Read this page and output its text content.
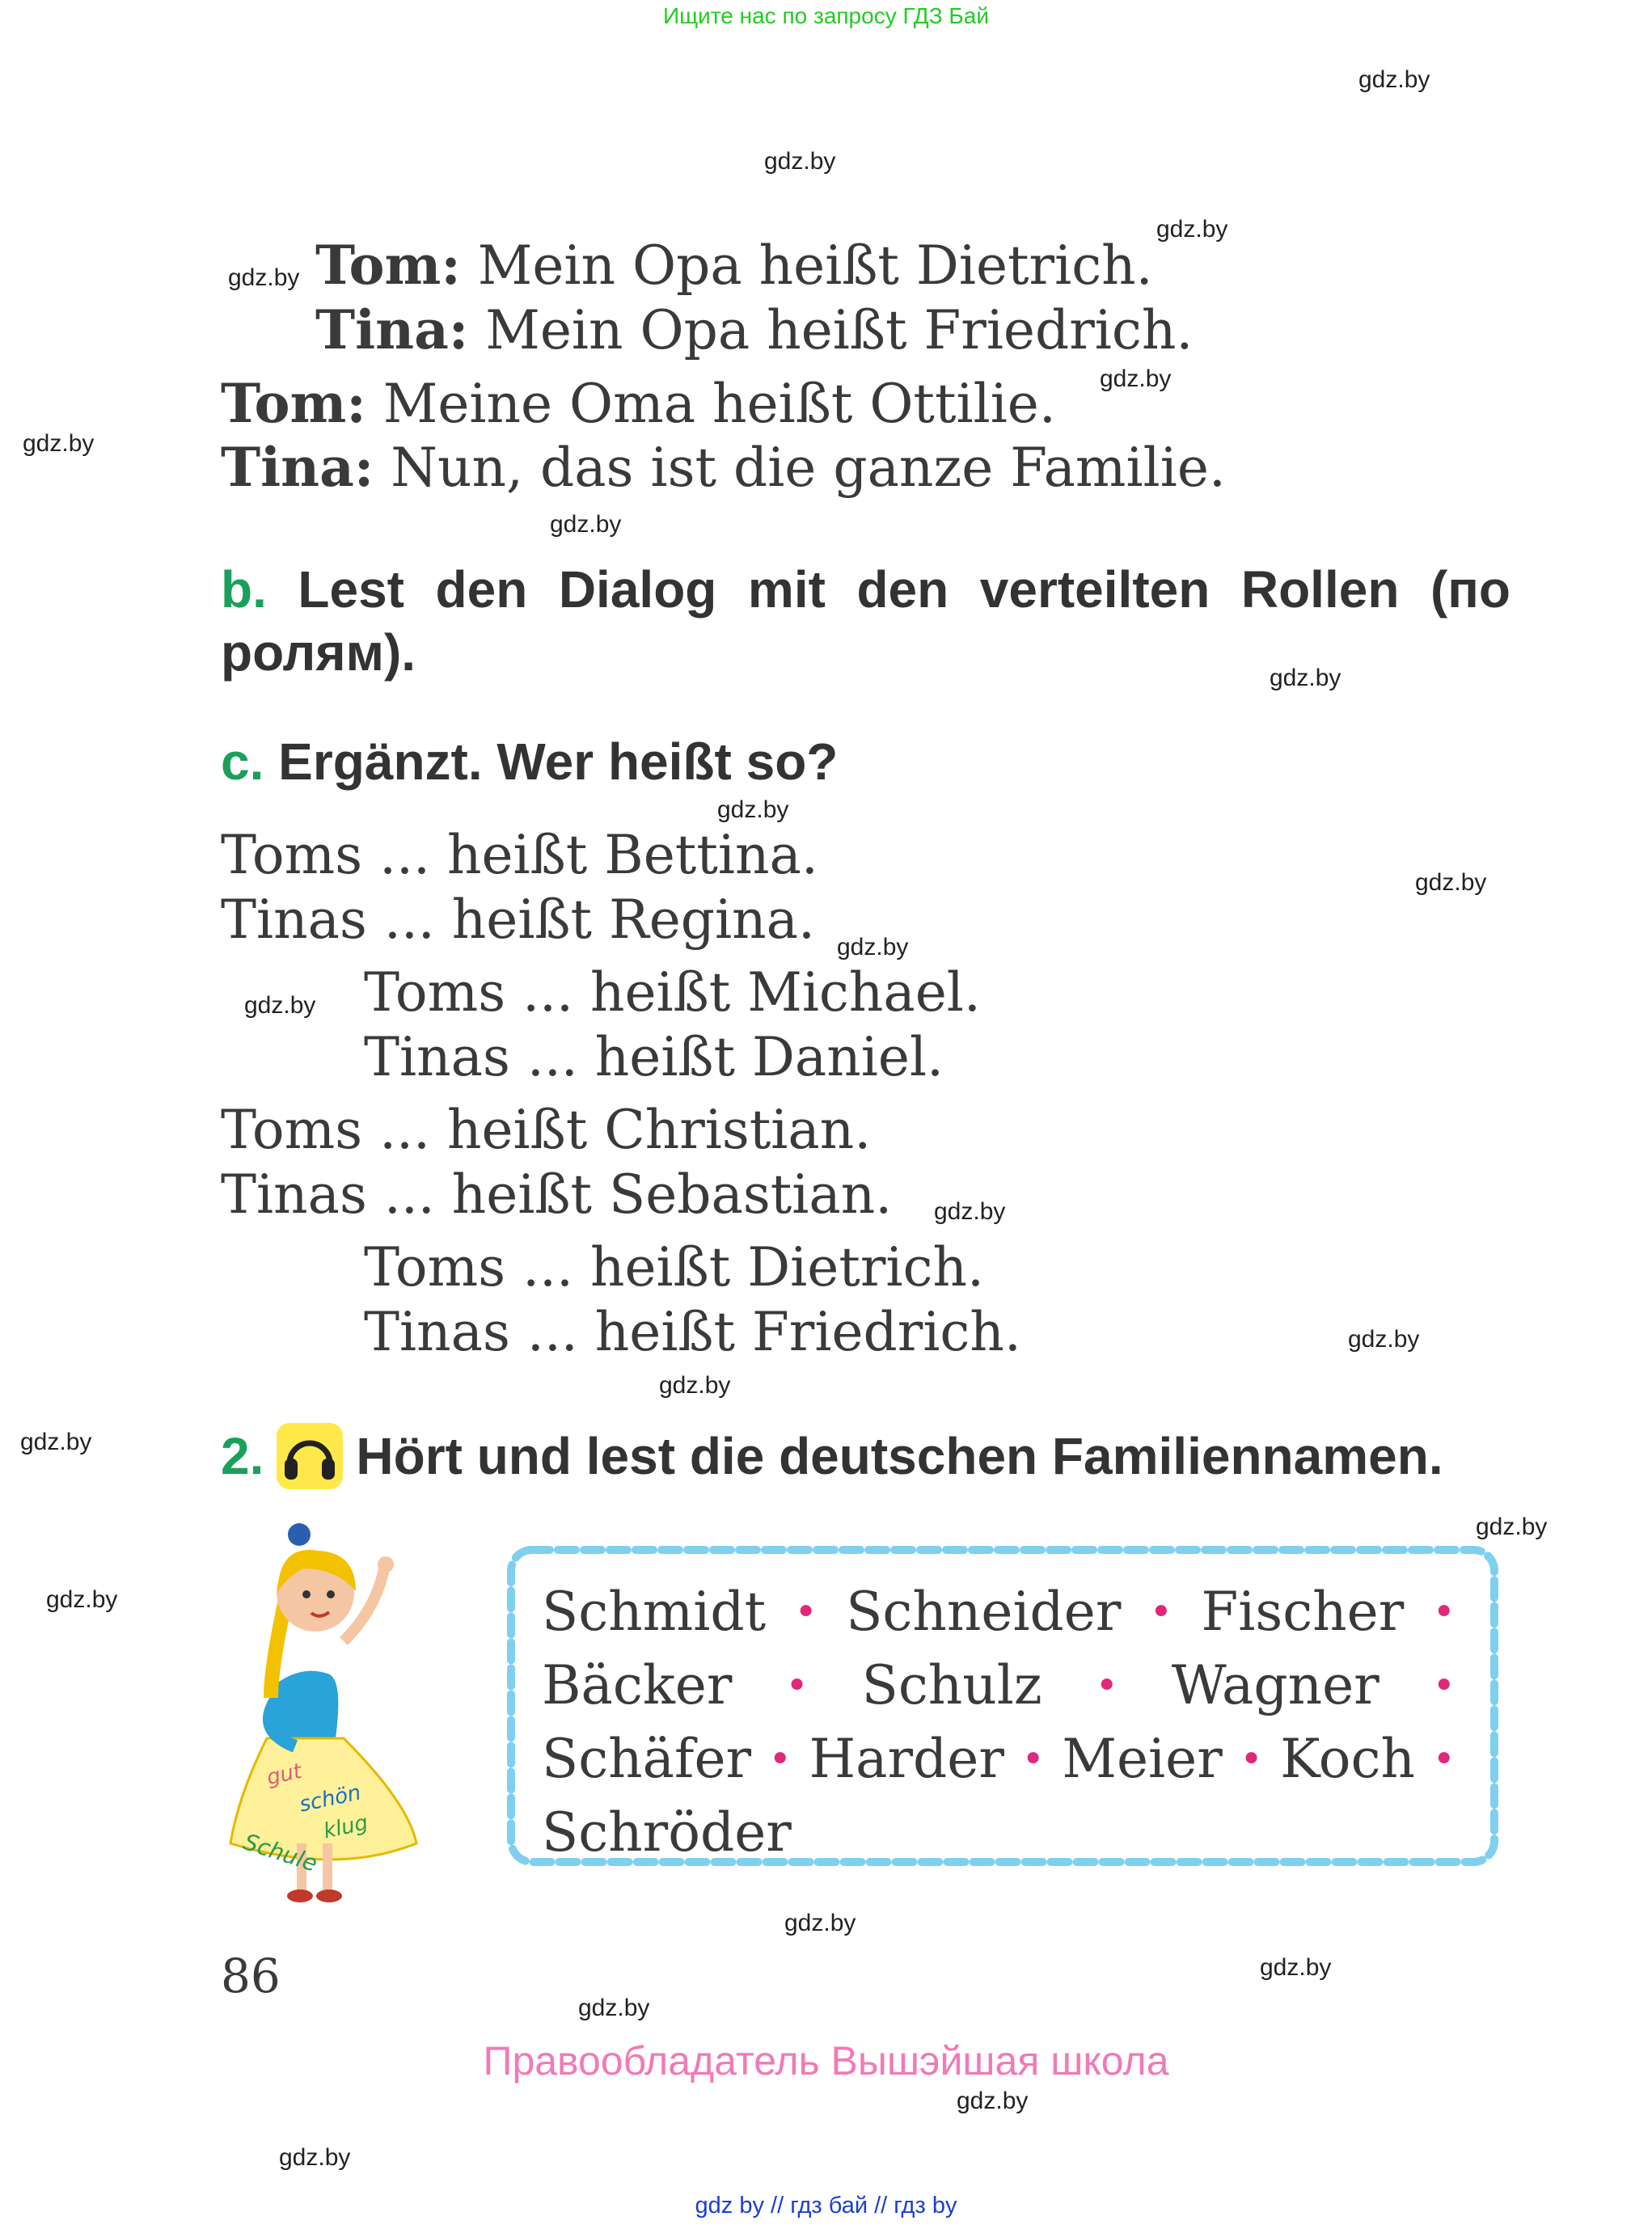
Ищите нас по запросу ГДЗ Бай
gdz.by
gdz.by
gdz.by
gdz.by
gdz.by
gdz.by
gdz.by
gdz.by
gdz.by
gdz.by
gdz.by
gdz.by
gdz.by
gdz.by
gdz.by
gdz.by
gdz.by
gdz.by
gdz.by
gdz.by
gdz.by
gdz.by
gdz.by
Tom: Mein Opa heißt Dietrich.
Tina: Mein Opa heißt Friedrich.
Tom: Meine Oma heißt Ottilie.
Tina: Nun, das ist die ganze Familie.
b. Lest den Dialog mit den verteilten Rollen (по ролям).
c. Ergänzt. Wer heißt so?
Toms ... heißt Bettina.
Tinas ... heißt Regina.
Toms ... heißt Michael.
Tinas ... heißt Daniel.
Toms ... heißt Christian.
Tinas ... heißt Sebastian.
Toms ... heißt Dietrich.
Tinas ... heißt Friedrich.
2. Hört und lest die deutschen Familiennamen.
gut
schön
klug
Schule
Schmidt • Schneider • Fischer •
Bäcker • Schulz • Wagner •
Schäfer • Harder • Meier • Koch •
Schröder
86
Правообладатель Вышэйшая школа
gdz by // гдз бай // гдз by
